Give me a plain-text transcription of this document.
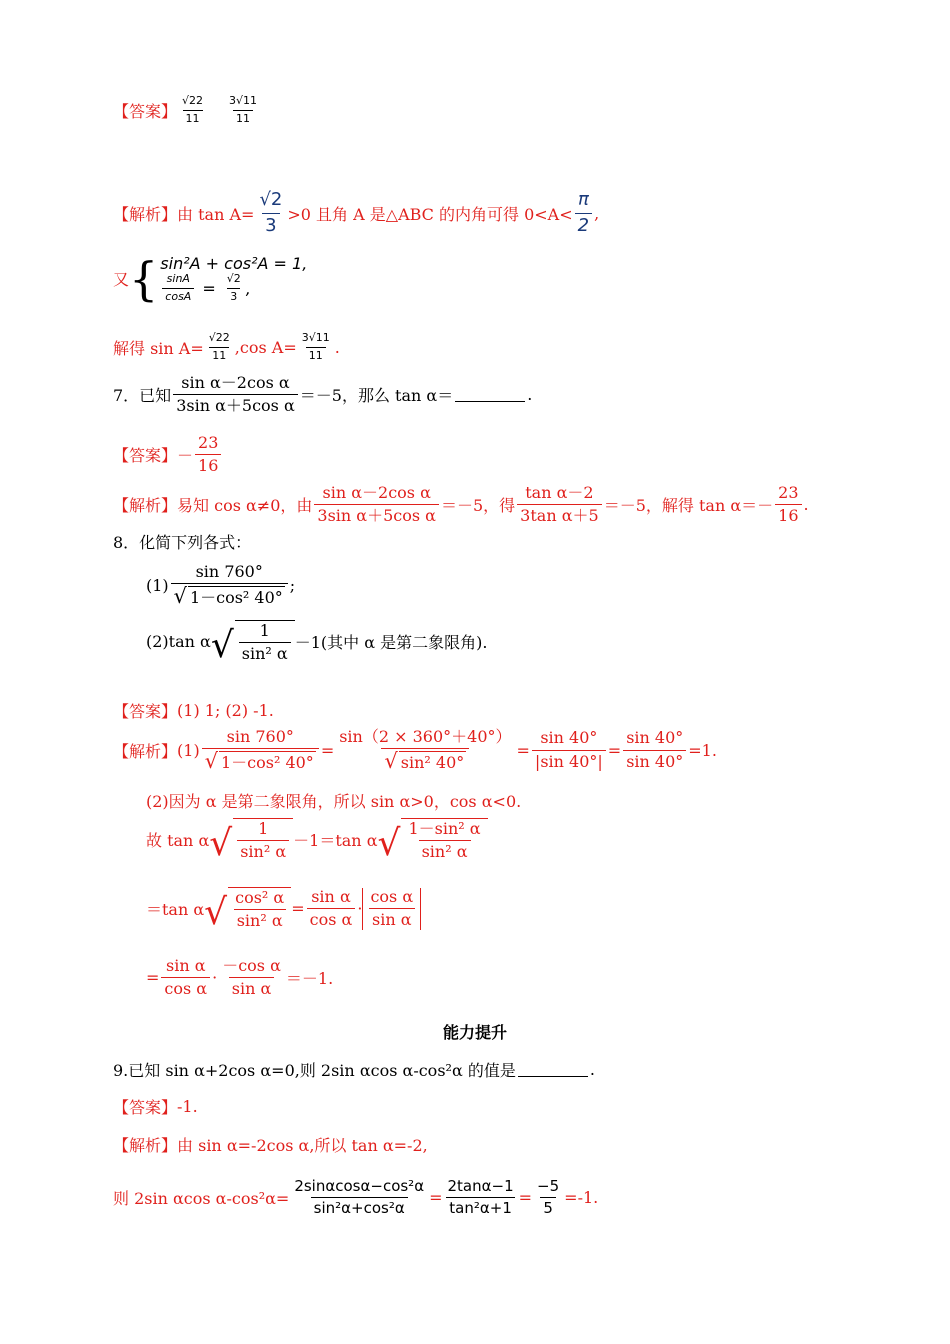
【答案】 $\frac{√22}{11} \frac{3√11}{11}$
【解析】 由 $\tan A= \frac{√2}{3} >0$ 且角 A 是△ABC 的内角可得 $0<A< \frac{\pi}{2}$ ,
又 { sin²A + cos²A = 1,
$\frac{\sin A}{\cos A} = \frac{√2}{3}$ ,
解得 $\sin A= \frac{√22}{11} ,\cos$ $A= \frac{3√11}{11}$ .
7．已知 $\frac{\text{sin α－2cos α}}{\text{3sin α＋5cos α}} =-5$，那么 tan α＝	.
【答案】 － $\frac{23}{16}$
【解析】 易知 cos α≠0，由 $\frac{\text{sin α－2cos α}}{\text{3sin α＋5cos α}} =-5$，得 $\frac{\text{tan α－2}}{\text{3tan α＋5}} =-5$，解得 $\tan \alpha=- \frac{23}{16}$ .
8．化简下列各式：
$(1) \frac{\sin 760^\circ}{\text{√ 1－cos² 40°}}$ ;
(2)tan α √ $\frac{1}{\text{sin² α}} -1$(其中 α 是第二象限角).
【答案】 (1) 1; (2) -1.
【解析】 $(1) \frac{\sin 760^\circ}{\text{√ 1－cos² 40°}} = \frac{\sin(2 \times 360^\circ+40^\circ)}{\text{√ sin² 40°}} = \frac{\sin 40^\circ}{|\sin 40^\circ|} = \frac{\sin 40^\circ}{\sin 40^\circ} =1$.
(2)因为 α 是第二象限角，所以 sin α>0，cos α<0.
故 tan α √ $\frac{1}{\text{sin² α}} -1=\tan$ α √ $\frac{\text{1－sin² α}}{\text{sin² α}}$
＝tan α √ $\frac{\text{cos² α}}{\text{sin² α}} = \frac{\text{sin α}}{\text{cos α}} \cdot \frac{\text{cos α}}{\text{sin α}}$
= $\frac{\text{sin α}}{\text{cos α}} \cdot \frac{\text{－cos α}}{\text{sin α}} =-1$.
能力提升
9.已知 sin α+2cos α=0,则 2sin αcos α-cos²α 的值是	.
【答案】 -1.
【解析】 由 sin α=-2cos α,所以 tan α=-2,
则 2sin αcos $\alpha-\cos^2\alpha= \frac{\text{2sinαcosα−cos²α}}{\text{sin²α+cos²α}} = \frac{2\tan\alpha-1}{\text{tan²α+1}} = \frac{-5}{5} =-1$.
